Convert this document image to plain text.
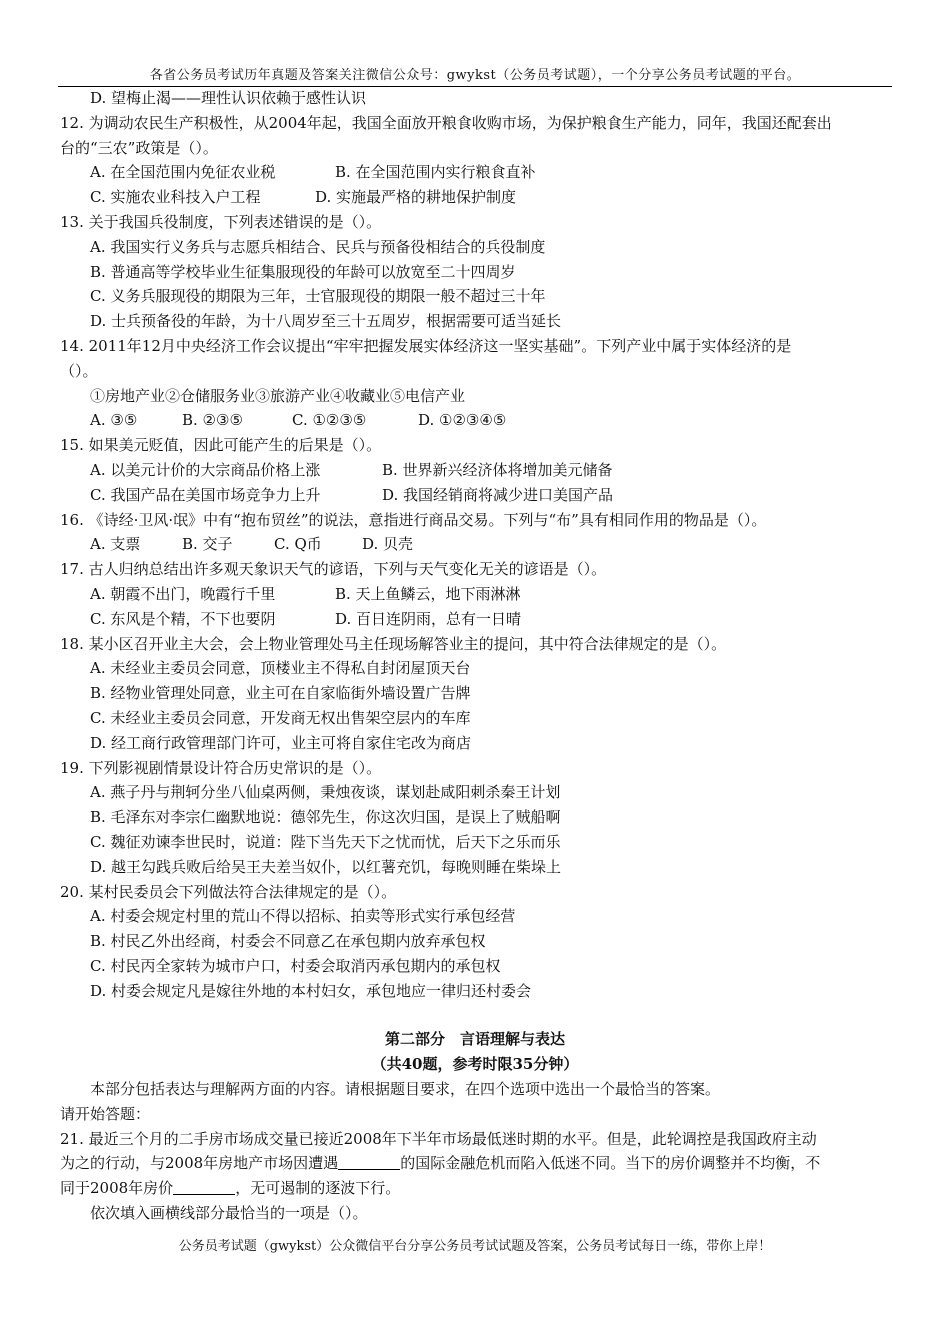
各省公务员考试历年真题及答案关注微信公众号：gwykst（公务员考试题），一个分享公务员考试题的平台。
D. 望梅止渴——理性认识依赖于感性认识
12. 为调动农民生产积极性，从2004年起，我国全面放开粮食收购市场，为保护粮食生产能力，同年，我国还配套出
台的“三农”政策是（）。
A. 在全国范围内免征农业税	B. 在全国范围内实行粮食直补
C. 实施农业科技入户工程	D. 实施最严格的耕地保护制度
13. 关于我国兵役制度，下列表述错误的是（）。
A. 我国实行义务兵与志愿兵相结合、民兵与预备役相结合的兵役制度
B. 普通高等学校毕业生征集服现役的年龄可以放宽至二十四周岁
C. 义务兵服现役的期限为三年，士官服现役的期限一般不超过三十年
D. 士兵预备役的年龄，为十八周岁至三十五周岁，根据需要可适当延长
14. 2011年12月中央经济工作会议提出“牢牢把握发展实体经济这一坚实基础”。下列产业中属于实体经济的是
（）。
①房地产业②仓储服务业③旅游产业④收藏业⑤电信产业
A. ③⑤	B. ②③⑤	C. ①②③⑤	D. ①②③④⑤
15. 如果美元贬值，因此可能产生的后果是（）。
A. 以美元计价的大宗商品价格上涨	B. 世界新兴经济体将增加美元储备
C. 我国产品在美国市场竞争力上升	D. 我国经销商将减少进口美国产品
16. 《诗经·卫风·氓》中有“抱布贸丝”的说法，意指进行商品交易。下列与“布”具有相同作用的物品是（）。
A. 支票	B. 交子	C. Q币	D. 贝壳
17. 古人归纳总结出许多观天象识天气的谚语，下列与天气变化无关的谚语是（）。
A. 朝霞不出门，晚霞行千里	B. 天上鱼鳞云，地下雨淋淋
C. 东风是个精，不下也要阴	D. 百日连阴雨，总有一日晴
18. 某小区召开业主大会，会上物业管理处马主任现场解答业主的提问，其中符合法律规定的是（）。
A. 未经业主委员会同意，顶楼业主不得私自封闭屋顶天台
B. 经物业管理处同意，业主可在自家临街外墙设置广告牌
C. 未经业主委员会同意，开发商无权出售架空层内的车库
D. 经工商行政管理部门许可，业主可将自家住宅改为商店
19. 下列影视剧情景设计符合历史常识的是（）。
A. 燕子丹与荆轲分坐八仙桌两侧，秉烛夜谈，谋划赴咸阳刺杀秦王计划
B. 毛泽东对李宗仁幽默地说：德邻先生，你这次归国，是误上了贼船啊
C. 魏征劝谏李世民时，说道：陛下当先天下之忧而忧，后天下之乐而乐
D. 越王勾践兵败后给吴王夫差当奴仆，以红薯充饥，每晚则睡在柴垛上
20. 某村民委员会下列做法符合法律规定的是（）。
A. 村委会规定村里的荒山不得以招标、拍卖等形式实行承包经营
B. 村民乙外出经商，村委会不同意乙在承包期内放弃承包权
C. 村民丙全家转为城市户口，村委会取消丙承包期内的承包权
D. 村委会规定凡是嫁往外地的本村妇女，承包地应一律归还村委会
第二部分　言语理解与表达
（共40题，参考时限35分钟）
本部分包括表达与理解两方面的内容。请根据题目要求，在四个选项中选出一个最恰当的答案。
请开始答题：
21. 最近三个月的二手房市场成交量已接近2008年下半年市场最低迷时期的水平。但是，此轮调控是我国政府主动
为之的行动，与2008年房地产市场因遭遇	的国际金融危机而陷入低迷不同。当下的房价调整并不均衡，不
同于2008年房价	，无可遏制的逐波下行。
依次填入画横线部分最恰当的一项是（）。
公务员考试题（gwykst）公众微信平台分享公务员考试试题及答案，公务员考试每日一练，带你上岸！
